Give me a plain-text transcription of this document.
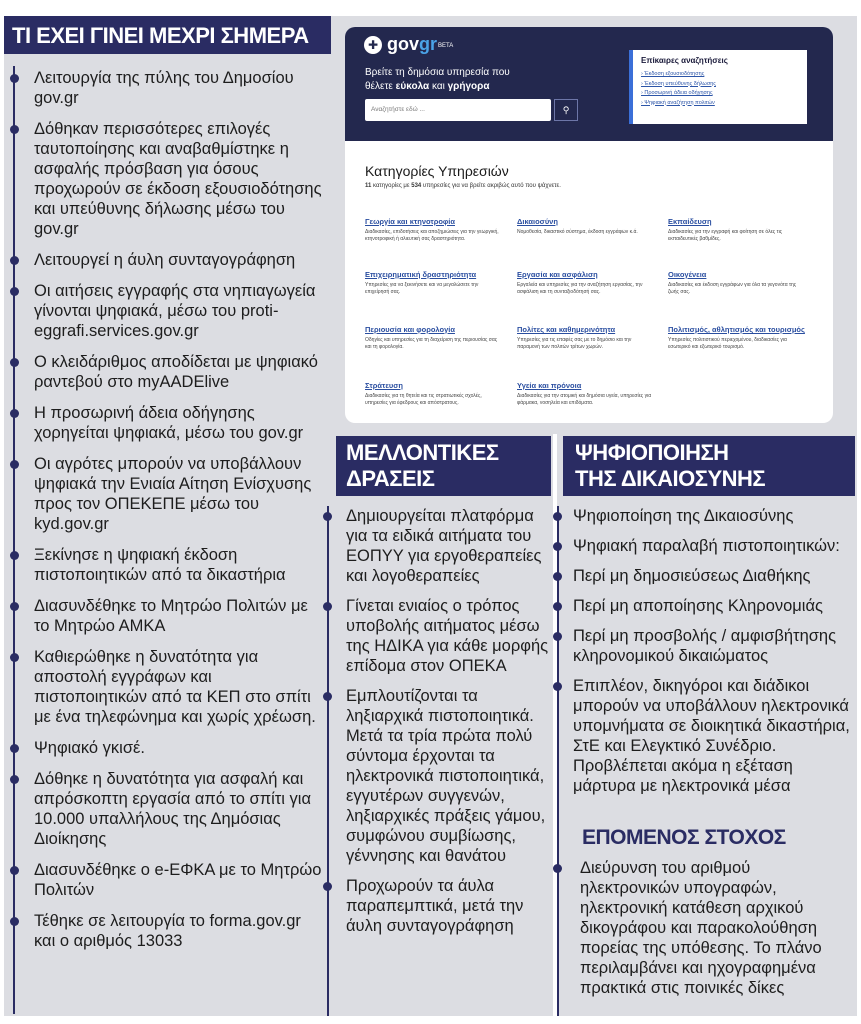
ΤΙ ΕΧΕΙ ΓΙΝΕΙ ΜΕΧΡΙ ΣΗΜΕΡΑ
Λειτουργία της πύλης του Δημοσίου gov.gr
Δόθηκαν περισσότερες επιλογές ταυτοποίησης και αναβαθμίστηκε η ασφαλής πρόσβαση για όσους προχωρούν σε έκδοση εξουσιοδότησης και υπεύθυνης δήλωσης μέσω του gov.gr
Λειτουργεί η άυλη συνταγογράφηση
Οι αιτήσεις εγγραφής στα νηπιαγωγεία γίνονται ψηφιακά, μέσω του proti-eggrafi.services.gov.gr
Ο κλειδάριθμος αποδίδεται με ψηφιακό ραντεβού στο myAADElive
Η προσωρινή άδεια οδήγησης χορηγείται ψηφιακά, μέσω του gov.gr
Οι αγρότες μπορούν να υποβάλλουν ψηφιακά την Ενιαία Αίτηση Ενίσχυσης προς τον ΟΠΕΚΕΠΕ μέσω του kyd.gov.gr
Ξεκίνησε η ψηφιακή έκδοση πιστοποιητικών από τα δικαστήρια
Διασυνδέθηκε το Μητρώο Πολιτών με το Μητρώο ΑΜΚΑ
Καθιερώθηκε η δυνατότητα για αποστολή εγγράφων και πιστοποιητικών από τα ΚΕΠ στο σπίτι με ένα τηλεφώνημα και χωρίς χρέωση.
Ψηφιακό γκισέ.
Δόθηκε η δυνατότητα για ασφαλή και απρόσκοπτη εργασία από το σπίτι για 10.000 υπαλλήλους της Δημόσιας Διοίκησης
Διασυνδέθηκε ο e-ΕΦΚΑ με το Μητρώο Πολιτών
Τέθηκε σε λειτουργία το forma.gov.gr και ο αριθμός 13033
ΜΕΛΛΟΝΤΙΚΕΣ
ΔΡΑΣΕΙΣ
Δημιουργείται πλατφόρμα για τα ειδικά αιτήματα του ΕΟΠΥΥ για εργοθεραπείες και λογοθεραπείες
Γίνεται ενιαίος ο τρόπος υποβολής αιτήματος μέσω της ΗΔΙΚΑ για κάθε μορφής επίδομα στον ΟΠΕΚΑ
Εμπλουτίζονται τα ληξιαρχικά πιστοποιητικά. Μετά τα τρία πρώτα πολύ σύντομα έρχονται τα ηλεκτρονικά πιστοποιητικά, εγγυτέρων συγγενών, ληξιαρχικές πράξεις γάμου, συμφώνου συμβίωσης, γέννησης και θανάτου
Προχωρούν τα άυλα παραπεμπτικά, μετά την άυλη συνταγογράφηση
ΨΗΦΙΟΠΟΙΗΣΗ
ΤΗΣ ΔΙΚΑΙΟΣΥΝΗΣ
Ψηφιοποίηση της Δικαιοσύνης
Ψηφιακή παραλαβή πιστοποιητικών:
Περί μη δημοσιεύσεως Διαθήκης
Περί μη αποποίησης Κληρονομιάς
Περί μη προσβολής / αμφισβήτησης κληρονομικού δικαιώματος
Επιπλέον, δικηγόροι και διάδικοι μπορούν να υποβάλλουν ηλεκτρονικά υπομνήματα σε διοικητικά δικαστήρια, ΣτΕ και Ελεγκτικό Συνέδριο. Προβλέπεται ακόμα η εξέταση μάρτυρα με ηλεκτρονικά μέσα
ΕΠΟΜΕΝΟΣ ΣΤΟΧΟΣ
Διεύρυνση του αριθμού ηλεκτρονικών υπογραφών, ηλεκτρονική κατάθεση αρχικού δικογράφου και παρακολούθηση πορείας της υπόθεσης. Το πλάνο περιλαμβάνει και ηχογραφημένα πρακτικά στις ποινικές δίκες
✚ govgr BETA
Βρείτε τη δημόσια υπηρεσία που
θέλετε εύκολα και γρήγορα
Αναζητήστε εδώ ...	⚲
Επίκαιρες αναζητήσεις
› Έκδοση εξουσιοδότησης
› Έκδοση υπεύθυνης δήλωσης
› Προσωρινή άδεια οδήγησης
› Ψηφιακή αναζήτηση πολιτών
Κατηγορίες Υπηρεσιών
11 κατηγορίες με 534 υπηρεσίες για να βρείτε ακριβώς αυτό που ψάχνετε.
Γεωργία και κτηνοτροφία
Διαδικασίες, επιδοτήσεις και αποζημιώσεις για την γεωργική, κτηνοτροφική ή αλιευτική σας δραστηριότητα.
Δικαιοσύνη
Νομοθεσία, δικαστικό σύστημα, έκδοση εγγράφων κ.ά.
Εκπαίδευση
Διαδικασίες για την εγγραφή και φοίτηση σε όλες τις εκπαιδευτικές βαθμίδες.
Επιχειρηματική δραστηριότητα
Υπηρεσίες για να ξεκινήσετε και να μεγαλώσετε την επιχείρησή σας.
Εργασία και ασφάλιση
Εργαλεία και υπηρεσίες για την αναζήτηση εργασίας, την ασφάλιση και τη συνταξιοδότησή σας.
Οικογένεια
Διαδικασίες και έκδοση εγγράφων για όλα τα γεγονότα της ζωής σας.
Περιουσία και φορολογία
Οδηγίες και υπηρεσίες για τη διαχείριση της περιουσίας σας και τη φορολογία.
Πολίτες και καθημερινότητα
Υπηρεσίες για τις επαφές σας με το δημόσιο και την παραμονή των πολιτών τρίτων χωρών.
Πολιτισμός, αθλητισμός και τουρισμός
Υπηρεσίες πολιτιστικού περιεχομένου, διαδικασίες για εσωτερικό και εξωτερικό τουρισμό.
Στράτευση
Διαδικασίες για τη θητεία και τις στρατιωτικές σχολές, υπηρεσίες για έφεδρους και απόστρατους.
Υγεία και πρόνοια
Διαδικασίες για την ατομική και δημόσια υγεία, υπηρεσίες για φάρμακα, νοσηλεία και επιδόματα.
